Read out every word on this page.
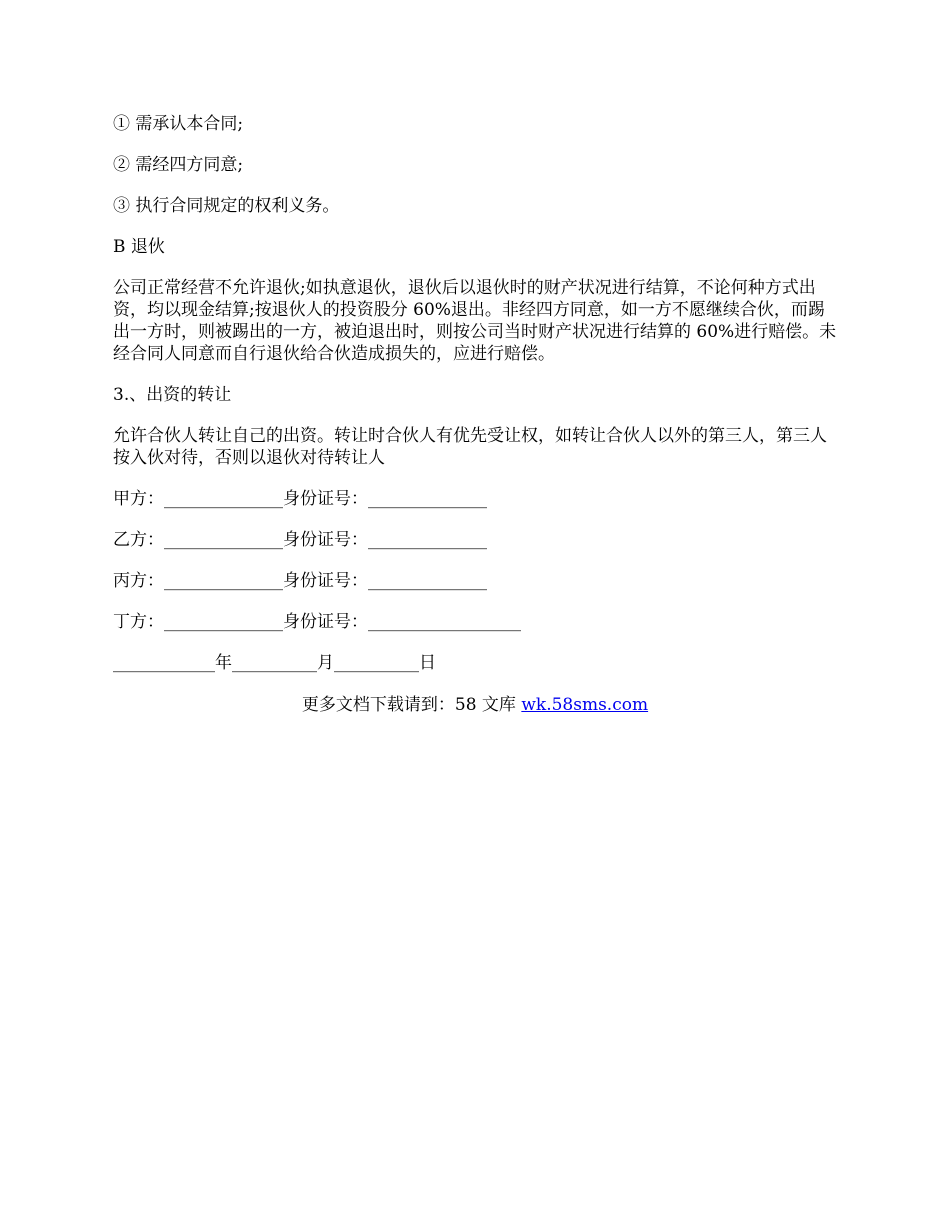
① 需承认本合同;

② 需经四方同意;

③ 执行合同规定的权利义务。

B 退伙

公司正常经营不允许退伙;如执意退伙，退伙后以退伙时的财产状况进行结算，不论何种方式出资，均以现金结算;按退伙人的投资股分 60%退出。非经四方同意，如一方不愿继续合伙，而踢出一方时，则被踢出的一方，被迫退出时，则按公司当时财产状况进行结算的 60%进行赔偿。未经合同人同意而自行退伙给合伙造成损失的，应进行赔偿。

3.、出资的转让

允许合伙人转让自己的出资。转让时合伙人有优先受让权，如转让合伙人以外的第三人，第三人按入伙对待，否则以退伙对待转让人

甲方：______________身份证号：______________

乙方：______________身份证号：______________

丙方：______________身份证号：______________

丁方：______________身份证号：__________________

____________年__________月__________日

更多文档下载请到：58 文库 wk.58sms.com
